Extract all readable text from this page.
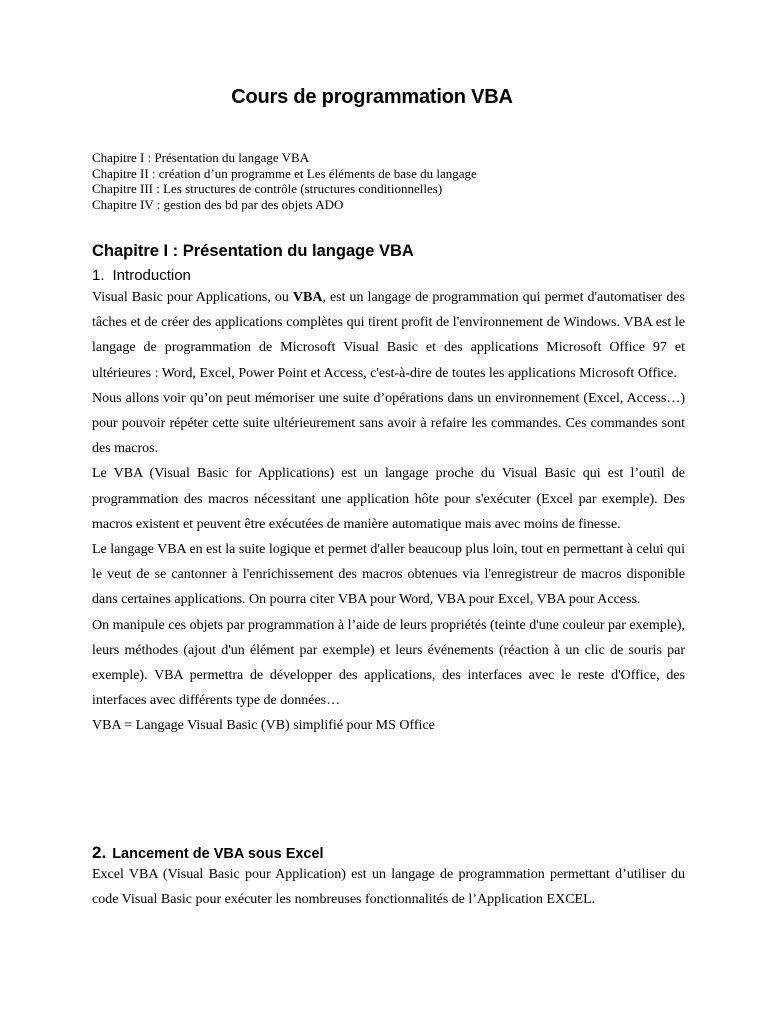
Cours de programmation VBA
Chapitre I : Présentation du langage VBA
Chapitre II : création d’un programme et Les éléments de base du langage
Chapitre III : Les structures de contrôle (structures conditionnelles)
Chapitre IV : gestion des bd par des objets ADO
Chapitre I : Présentation du langage VBA
1. Introduction

Visual Basic pour Applications, ou VBA, est un langage de programmation qui permet d'automatiser des tâches et de créer des applications complètes qui tirent profit de l'environnement de Windows. VBA est le langage de programmation de Microsoft Visual Basic et des applications Microsoft Office 97 et ultérieures : Word, Excel, Power Point et Access, c'est-à-dire de toutes les applications Microsoft Office.

Nous allons voir qu’on peut mémoriser une suite d’opérations dans un environnement (Excel, Access…) pour pouvoir répéter cette suite ultérieurement sans avoir à refaire les commandes. Ces commandes sont des macros.

Le VBA (Visual Basic for Applications) est un langage proche du Visual Basic qui est l’outil de programmation des macros nécessitant une application hôte pour s'exécuter (Excel par exemple). Des macros existent et peuvent être exécutées de manière automatique mais avec moins de finesse.

Le langage VBA en est la suite logique et permet d'aller beaucoup plus loin, tout en permettant à celui qui le veut de se cantonner à l'enrichissement des macros obtenues via l'enregistreur de macros disponible dans certaines applications. On pourra citer VBA pour Word, VBA pour Excel, VBA pour Access.

On manipule ces objets par programmation à l’aide de leurs propriétés (teinte d'une couleur par exemple), leurs méthodes (ajout d'un élément par exemple) et leurs événements (réaction à un clic de souris par exemple). VBA permettra de développer des applications, des interfaces avec le reste d'Office, des interfaces avec différents type de données…

VBA = Langage Visual Basic (VB) simplifié pour MS Office

2. Lancement de VBA sous Excel

Excel VBA (Visual Basic pour Application) est un langage de programmation permettant d’utiliser du code Visual Basic pour exécuter les nombreuses fonctionnalités de l’Application EXCEL.
